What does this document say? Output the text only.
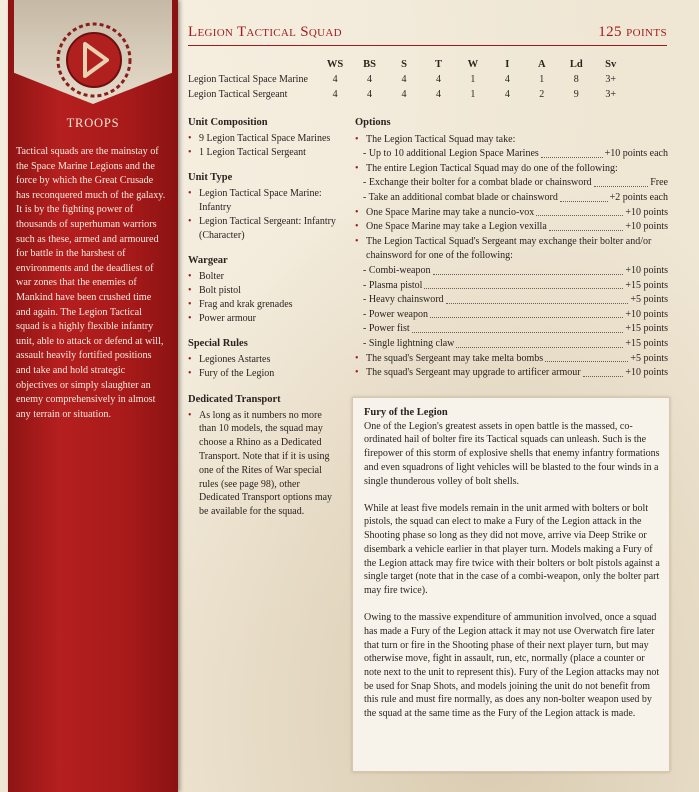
TROOPS
Tactical squads are the mainstay of the Space Marine Legions and the force by which the Great Crusade has reconquered much of the galaxy. It is by the fighting power of thousands of superhuman warriors such as these, armed and armoured for battle in the harshest of environments and the deadliest of war zones that the enemies of Mankind have been crushed time and again. The Legion Tactical squad is a highly flexible infantry unit, able to attack or defend at will, assault heavily fortified positions and take and hold strategic objectives or simply slaughter an enemy comprehensively in almost any terrain or situation.
Legion Tactical Squad	125 points
WS	BS	S	T	W	I	A	Ld	Sv
Legion Tactical Space Marine	4	4	4	4	1	4	1	8	3+
Legion Tactical Sergeant	4	4	4	4	1	4	2	9	3+
Unit Composition
• 9 Legion Tactical Space Marines
• 1 Legion Tactical Sergeant
Unit Type
• Legion Tactical Space Marine: Infantry
• Legion Tactical Sergeant: Infantry (Character)
Wargear
• Bolter
• Bolt pistol
• Frag and krak grenades
• Power armour
Special Rules
• Legiones Astartes
• Fury of the Legion
Dedicated Transport
• As long as it numbers no more than 10 models, the squad may choose a Rhino as a Dedicated Transport. Note that if it is using one of the Rites of War special rules (see page 98), other Dedicated Transport options may be available for the squad.
Options
• The Legion Tactical Squad may take:
- Up to 10 additional Legion Space Marines	+10 points each
• The entire Legion Tactical Squad may do one of the following:
- Exchange their bolter for a combat blade or chainsword	Free
- Take an additional combat blade or chainsword	+2 points each
• One Space Marine may take a nuncio-vox	+10 points
• One Space Marine may take a Legion vexilla	+10 points
• The Legion Tactical Squad's Sergeant may exchange their bolter and/or chainsword for one of the following:
- Combi-weapon	+10 points
- Plasma pistol	+15 points
- Heavy chainsword	+5 points
- Power weapon	+10 points
- Power fist	+15 points
- Single lightning claw	+15 points
• The squad's Sergeant may take melta bombs	+5 points
• The squad's Sergeant may upgrade to artificer armour	+10 points
Fury of the Legion

One of the Legion's greatest assets in open battle is the massed, co-ordinated hail of bolter fire its Tactical squads can unleash. Such is the firepower of this storm of explosive shells that enemy infantry formations and even squadrons of light vehicles will be blasted to the four winds in a single thunderous volley of bolt shells.

While at least five models remain in the unit armed with bolters or bolt pistols, the squad can elect to make a Fury of the Legion attack in the Shooting phase so long as they did not move, arrive via Deep Strike or disembark a vehicle earlier in that player turn. Models making a Fury of the Legion attack may fire twice with their bolters or bolt pistols against a single target (note that in the case of a combi-weapon, only the bolter part may fire twice).

Owing to the massive expenditure of ammunition involved, once a squad has made a Fury of the Legion attack it may not use Overwatch fire later that turn or fire in the Shooting phase of their next player turn, but may otherwise move, fight in assault, run, etc, normally (place a counter or note next to the unit to represent this). Fury of the Legion attacks may not be used for Snap Shots, and models joining the unit do not benefit from this rule and must fire normally, as does any non-bolter weapon used by the squad at the same time as the Fury of the Legion attack is made.
